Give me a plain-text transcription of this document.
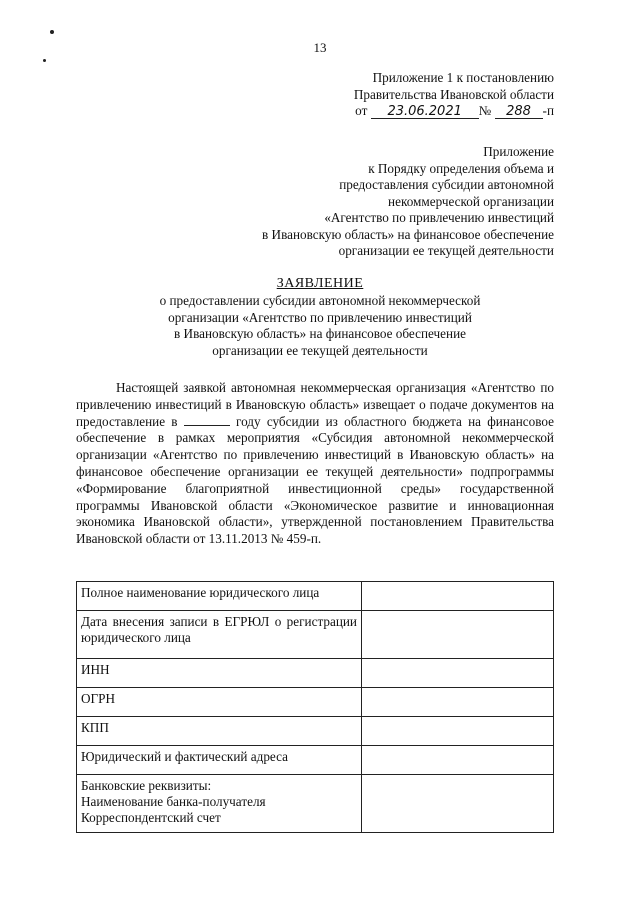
13
Приложение 1 к постановлению
Правительства Ивановской области
от 23.06.2021 № 288 -п
Приложение
к Порядку определения объема и
предоставления субсидии автономной
некоммерческой организации
«Агентство по привлечению инвестиций
в Ивановскую область» на финансовое обеспечение
организации ее текущей деятельности
ЗАЯВЛЕНИЕ
о предоставлении субсидии автономной некоммерческой
организации «Агентство по привлечению инвестиций
в Ивановскую область» на финансовое обеспечение
организации ее текущей деятельности
Настоящей заявкой автономная некоммерческая организация «Агентство по привлечению инвестиций в Ивановскую область» извещает о подаче документов на предоставление в	году субсидии из областного бюджета на финансовое обеспечение в рамках мероприятия «Субсидия автономной некоммерческой организации «Агентство по привлечению инвестиций в Ивановскую область» на финансовое обеспечение организации ее текущей деятельности» подпрограммы «Формирование благоприятной инвестиционной среды» государственной программы Ивановской области «Экономическое развитие и инновационная экономика Ивановской области», утвержденной постановлением Правительства Ивановской области от 13.11.2013 № 459-п.
Полное наименование юридического лица	
Дата внесения записи в ЕГРЮЛ о регистрации юридического лица	
ИНН	
ОГРН	
КПП	
Юридический и фактический адреса	

Банковские реквизиты:
Наименование банка-получателя
Корреспондентский счет	
